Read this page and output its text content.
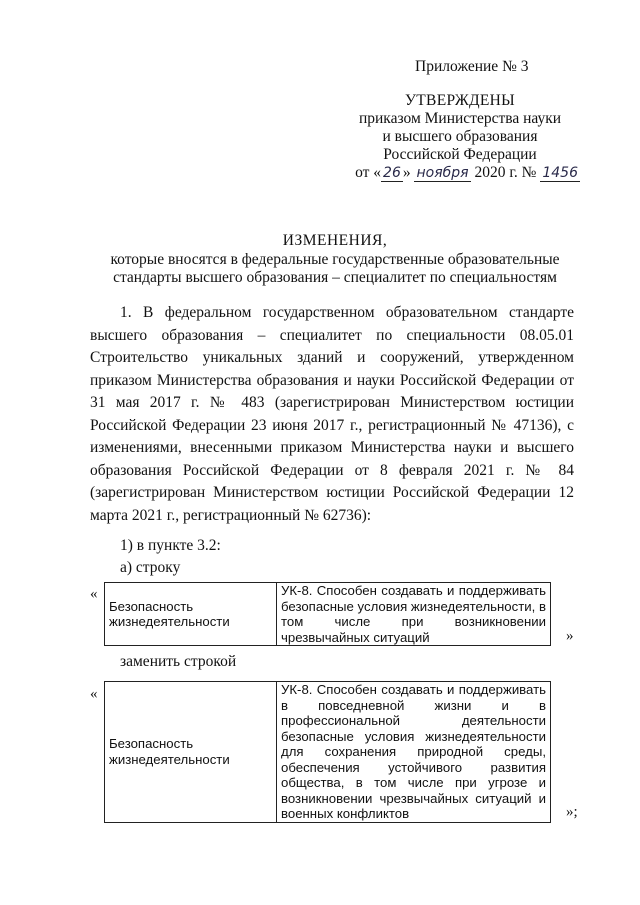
Приложение № 3
УТВЕРЖДЕНЫ
приказом Министерства науки
и высшего образования
Российской Федерации
от « 26 » ноября 2020 г. № 1456
ИЗМЕНЕНИЯ,
которые вносятся в федеральные государственные образовательные стандарты высшего образования – специалитет по специальностям
1. В федеральном государственном образовательном стандарте высшего образования – специалитет по специальности 08.05.01 Строительство уникальных зданий и сооружений, утвержденном приказом Министерства образования и науки Российской Федерации от 31 мая 2017 г. № 483 (зарегистрирован Министерством юстиции Российской Федерации 23 июня 2017 г., регистрационный № 47136), с изменениями, внесенными приказом Министерства науки и высшего образования Российской Федерации от 8 февраля 2021 г. № 84 (зарегистрирован Министерством юстиции Российской Федерации 12 марта 2021 г., регистрационный № 62736):
1) в пункте 3.2:
а) строку
«
Безопасность жизнедеятельности	УК-8. Способен создавать и поддерживать безопасные условия жизнедеятельности, в том числе при возникновении чрезвычайных ситуаций	»
заменить строкой
«
Безопасность жизнедеятельности	УК-8. Способен создавать и поддерживать в повседневной жизни и в профессиональной деятельности безопасные условия жизнедеятельности для сохранения природной среды, обеспечения устойчивого развития общества, в том числе при угрозе и возникновении чрезвычайных ситуаций и военных конфликтов	»;
